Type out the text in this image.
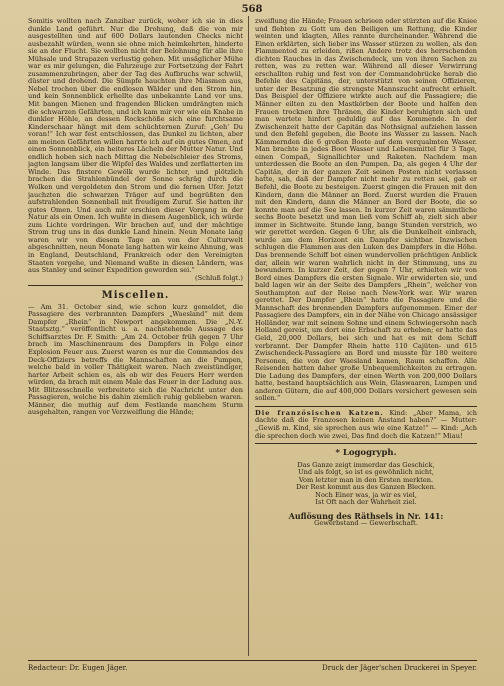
568

Somitis wollten nach Zanzibar zurück, woher ich sie in dies dunkle Land geführt. Nur die Drohung, daß die von mir ausgestellten und auf 600 Dollars lautenden Checks nicht ausbezahlt würden, wenn sie ohne mich heimkehrten, hinderte sie an der Flucht. Sie wollten nicht der Belohnung für alle ihre Mühsale und Strapazen verlustig gehen. Mit unsäglicher Mühe war es mir gelungen, die Fahrzeuge zur Fortsetzung der Fahrt zusammenzubringen, aber der Tag des Aufbruchs war schwül, düster und drohend. Die Sümpfe hauchten ihre Miasmen aus, Nebel trochen über die endlosen Wälder und den Strom hin, und kein Sonnenblick erhellte das unbekannte Land vor uns. Mit bangen Mienen und fragenden Blicken umdrängten mich die schwarzen Gefährten, und ich kam mir vor wie ein Knabe in dunkler Höhle, an dessen Rockschöße sich eine furchtsame Kinderschaar hängt mit dem schüchternen Zuruf: „Geh' Du voran!“ Ich war fest entschlossen, das Dunkel zu lichten, aber am meinen Gefährten willen harrte ich auf ein gutes Omen, auf einen Sonnenblick, ein heiteres Lächeln der Mutter Natur. Und endlich hoben sich nach Mittag die Nebelschleier des Stroms, jagten langsam über die Wipfel des Waldes und zerflatterten im Winde. Das finstere Gewölk wurde lichter, und plötzlich brachen die Strahlenbündel der Sonne schräg durch die Wolken und vergoldeten den Strom und die fernen Ufer. Jetzt jauchzten die schwarzen Träger auf und begrüßten den aufstrahlenden Sonnenball mit freudigem Zuruf. Sie hatten ihr gutes Omen. Und auch mir erschien dieser Vorgang in der Natur als ein Omen. Ich wußte in diesem Augenblick, ich würde zum Lichte vordringen. Wir brachen auf, und der mächtige Strom trug uns in das dunkle Land hinein. Neun Monate lang waren wir von diesem Tage an von der Culturwelt abgeschnitten, neun Monate lang hatten wir keine Ahnung, was in England, Deutschland, Frankreich oder den Vereinigten Staaten vorgehe, und Niemand wußte in diesen Ländern, was aus Stanley und seiner Expedition geworden sei.“

(Schluß folgt.)

Miscellen.

— Am 31. October sind, wie schon kurz gemeldet, die Passagiere des verbrannten Dampfers „Waesland“ mit dem Dampfer „Rhein“ in Newport angekommen. Die „N.-Y. Staatsztg.“ veröffentlicht u. a. nachstehende Aussage des Schiffsarztes Dr. F. Smith: „Am 24. October früh gegen 7 Uhr brach im Maschinenraum des Dampfers in Folge einer Explosion Feuer aus. Zuerst waren es nur die Commandos des Deck-Offiziers betreffs die Mannschaften an die Pumpen, welche bald in voller Thätigkeit waren. Nach zweistündiger, harter Arbeit schien es, als ob wir des Feuers Herr werden würden, da brach mit einem Male das Feuer in der Ladung aus. Mit Blitzesschnelle verbreitete sich die Nachricht unter den Passagieren, welche bis dahin ziemlich ruhig geblieben waren. Männer, die muthig auf dem Festlande manchem Sturm ausgehalten, rangen vor Verzweiflung die Hände;

zweiflung die Hände; Frauen schrieen oder stürzten auf die Kniee und flehten zu Gott um den Beiligen um Rettung, die Kinder weinten und klagten, Alles rannte durcheinander. Während die Einen erklärten, sich lieber ins Wasser stürzen zu wollen, als den Flammentod zu erleiden, rißen Andere trotz des herrschenden dichten Rauches in das Zwischendeck, um von ihren Sachen zu retten, was zu retten war. Während all dieser Verwirrung erschallten ruhig und fest von der Commandobrücke herab die Befehle des Capitäns, der, unterstützt von seinen Offizieren, unter der Besatzung die strengste Mannszucht aufrecht erhielt. Das Beispiel der Offiziere wirkte auch auf die Passagiere; die Männer eilten zu den Mastkörben der Boote und halfen den Frauen trocknen ihre Thränen, die Kinder beruhigten sich und man wartete hinfort geduldig auf das Kommende. In der Zwischenzeit hatte der Capitän das Nothsignal aufziehen lassen und den Befehl gegeben, die Boote ins Wasser zu lassen. Nach Kämmernden die 6 großen Boote auf dem verqualmten Wasser. Man brachte in jedes Boot Wasser und Lebensmittel für 3 Tage, einen Compaß, Signallichter und Raketen. Nachdem man unterdessen die Boote an den Pumpen. Da, als gegen 4 Uhr der Capitän, der in der ganzen Zeit seinen Posten nicht verlassen hatte, sah, daß der Dampfer nicht mehr zu retten sei, gab er Befehl, die Boote zu besteigen. Zuerst gingen die Frauen mit den Kindern, dann die Männer an Bord. Zuerst wurden die Frauen mit den Kindern, dann die Männer an Bord der Boote, die so konnte man auf die See lassen. In kurzer Zeit waren sämmtliche sechs Boote besetzt und man ließ vom Schiff ab, zielt sich aber immer in Sichtweite. Stunde lang, bange Stunden verstrich, wo wir gerettet werden. Gegen 6 Uhr, als die Dunkelheit einbrach, wurde am dem Horizont ein Dampfer sichtbar. Inzwischen schlugen die Flammen aus den Luken des Dampfers in die Höhe. Das brennende Schiff bot einen wundervollen prächtigen Anblick dar, allein wir waren wahrlich nicht in der Stimmung, uns zu bewundern. In kurzer Zeit, der gegen 7 Uhr, erhielten wir von Bord eines Dampfers die ersten Signale. Wir erwiderten sie, und bald lagen wir an der Seite des Dampfers „Rhein“, welcher von Southampton auf der Reise nach New-York war. Wir waren gerettet. Der Dampfer „Rhein“ hatte die Passagiere und die Mannschaft des brennenden Dampfers aufgenommen. Einer der Passagiere des Dampfers, ein in der Nähe von Chicago ansässiger Holländer, war mit seinem Sohne und einem Schwiegersohn nach Holland gereist, um dort eine Erbschaft zu erheben; er hatte das Geld, 20,000 Dollars, bei sich und hat es mit dem Schiff verbrannt. Der Dampfer Rhein hatte 110 Cajüten- und 615 Zwischendeck-Passagiere an Bord und musste für 180 weitere Personen, die von der Waesland kamen, Raum schaffen. Alle Reisenden hatten daher große Unbequemlichkeiten zu ertragen. Die Ladung des Dampfers, der einen Werth von 200,000 Dollars hatte, bestand hauptsächlich aus Wein, Glaswaaren, Lumpen und anderen Gütern, die auf 400,000 Dollars versichert gewesen sein sollen.“

Die französischen Katzen. Kind: „Aber Mama, ich dachte daß die Franzosen keinen Anstand haben?“ — Mutter: „Gewiß m. Kind, sie sprechen aus wie eine Katze!“ — Kind: „Ach die sprechen doch wie zwei, Das find doch die Katzen!“ Miau!

* Logogryph.

Das Ganze zeigt immerdar das Geschick,

Und als folgt, so ist es gewöhnlich nicht,

Vom letzter man in den Ersten merkten.

Der Rest kommt aus des Ganzen Blecken.

Noch Einer was, ja wir es viel,

Ist Oft nach der Wahrheit ziel.

Auflösung des Räthsels in Nr. 141:

Gewerbstand — Gewerbschaft.

Redacteur: Dr. Eugen Jäger.	Druck der Jäger'schen Druckerei in Speyer.
